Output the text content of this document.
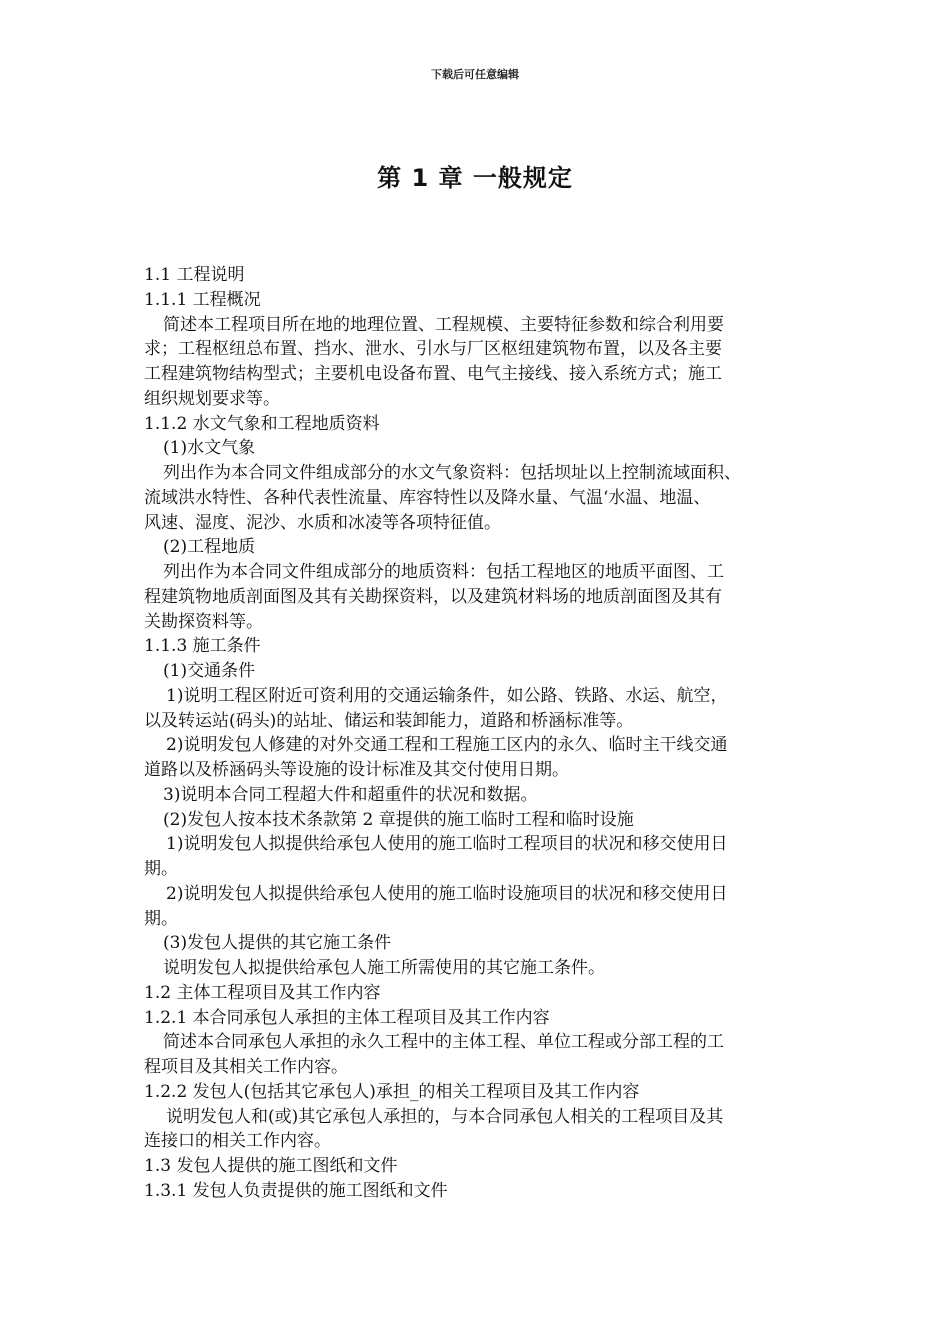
下载后可任意编辑
第 1 章 一般规定
1.1 工程说明
1.1.1 工程概况
简述本工程项目所在地的地理位置、工程规模、主要特征参数和综合利用要
求；工程枢纽总布置、挡水、泄水、引水与厂区枢纽建筑物布置，以及各主要
工程建筑物结构型式；主要机电设备布置、电气主接线、接入系统方式；施工
组织规划要求等。
1.1.2 水文气象和工程地质资料
(1)水文气象
列出作为本合同文件组成部分的水文气象资料：包括坝址以上控制流域面积、
流域洪水特性、各种代表性流量、库容特性以及降水量、气温‘水温、地温、
风速、湿度、泥沙、水质和冰凌等各项特征值。
(2)工程地质
列出作为本合同文件组成部分的地质资料：包括工程地区的地质平面图、工
程建筑物地质剖面图及其有关勘探资料，以及建筑材料场的地质剖面图及其有
关勘探资料等。
1.1.3 施工条件
(1)交通条件
1)说明工程区附近可资利用的交通运输条件，如公路、铁路、水运、航空，
以及转运站(码头)的站址、储运和装卸能力，道路和桥涵标准等。
2)说明发包人修建的对外交通工程和工程施工区内的永久、临时主干线交通
道路以及桥涵码头等设施的设计标准及其交付使用日期。
3)说明本合同工程超大件和超重件的状况和数据。
(2)发包人按本技术条款第 2 章提供的施工临时工程和临时设施
1)说明发包人拟提供给承包人使用的施工临时工程项目的状况和移交使用日
期。
2)说明发包人拟提供给承包人使用的施工临时设施项目的状况和移交使用日
期。
(3)发包人提供的其它施工条件
说明发包人拟提供给承包人施工所需使用的其它施工条件。
1.2 主体工程项目及其工作内容
1.2.1 本合同承包人承担的主体工程项目及其工作内容
简述本合同承包人承担的永久工程中的主体工程、单位工程或分部工程的工
程项目及其相关工作内容。
1.2.2 发包人(包括其它承包人)承担_的相关工程项目及其工作内容
说明发包人和(或)其它承包人承担的，与本合同承包人相关的工程项目及其
连接口的相关工作内容。
1.3 发包人提供的施工图纸和文件
1.3.1 发包人负责提供的施工图纸和文件
